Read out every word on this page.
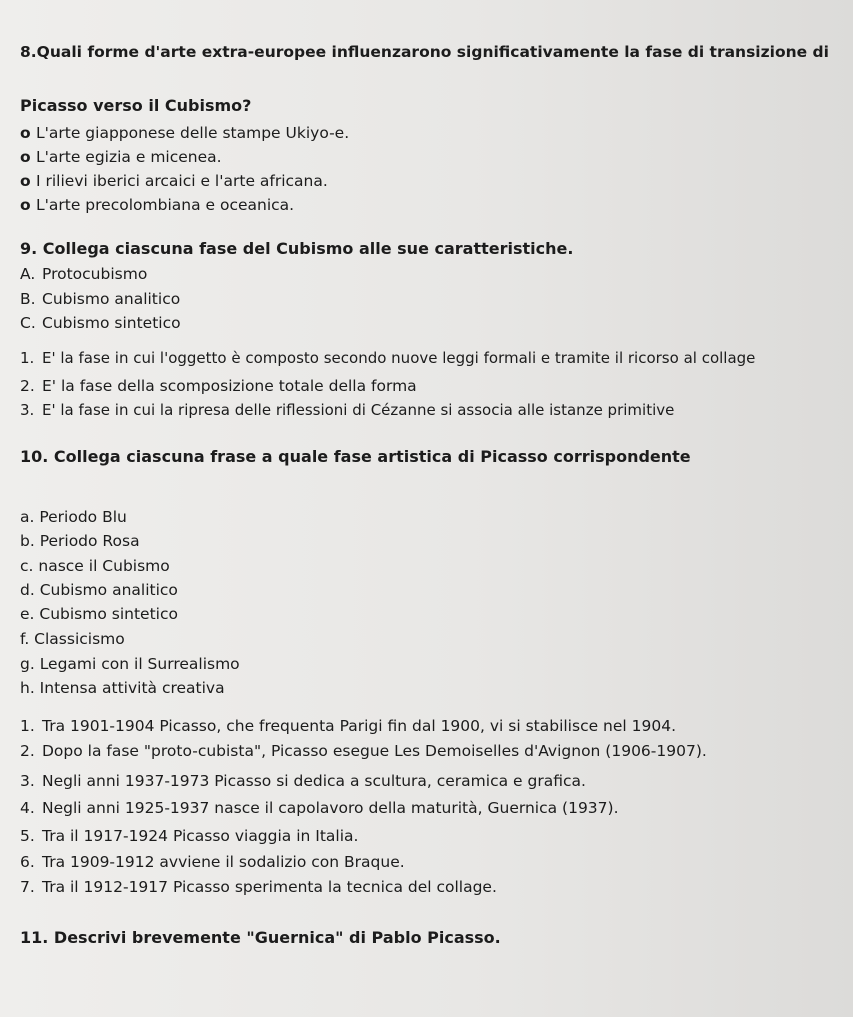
8.Quali forme d'arte extra-europee influenzarono significativamente la fase di transizione di
Picasso verso il Cubismo?
o L'arte giapponese delle stampe Ukiyo-e.
o L'arte egizia e micenea.
o I rilievi iberici arcaici e l'arte africana.
o L'arte precolombiana e oceanica.
9. Collega ciascuna fase del Cubismo alle sue caratteristiche.
A. Protocubismo
B. Cubismo analitico
C. Cubismo sintetico
1. E' la fase in cui l'oggetto è composto secondo nuove leggi formali e tramite il ricorso al collage
2. E' la fase della scomposizione totale della forma
3. E' la fase in cui la ripresa delle riflessioni di Cézanne si associa alle istanze primitive
10. Collega ciascuna frase a quale fase artistica di Picasso corrispondente
a. Periodo Blu
b. Periodo Rosa
c. nasce il Cubismo
d. Cubismo analitico
e. Cubismo sintetico
f. Classicismo
g. Legami con il Surrealismo
h. Intensa attività creativa
1. Tra 1901-1904 Picasso, che frequenta Parigi fin dal 1900, vi si stabilisce nel 1904.
2. Dopo la fase "proto-cubista", Picasso esegue Les Demoiselles d'Avignon (1906-1907).
3. Negli anni 1937-1973 Picasso si dedica a scultura, ceramica e grafica.
4. Negli anni 1925-1937 nasce il capolavoro della maturità, Guernica (1937).
5. Tra il 1917-1924 Picasso viaggia in Italia.
6. Tra 1909-1912 avviene il sodalizio con Braque.
7. Tra il 1912-1917 Picasso sperimenta la tecnica del collage.
11. Descrivi brevemente "Guernica" di Pablo Picasso.
